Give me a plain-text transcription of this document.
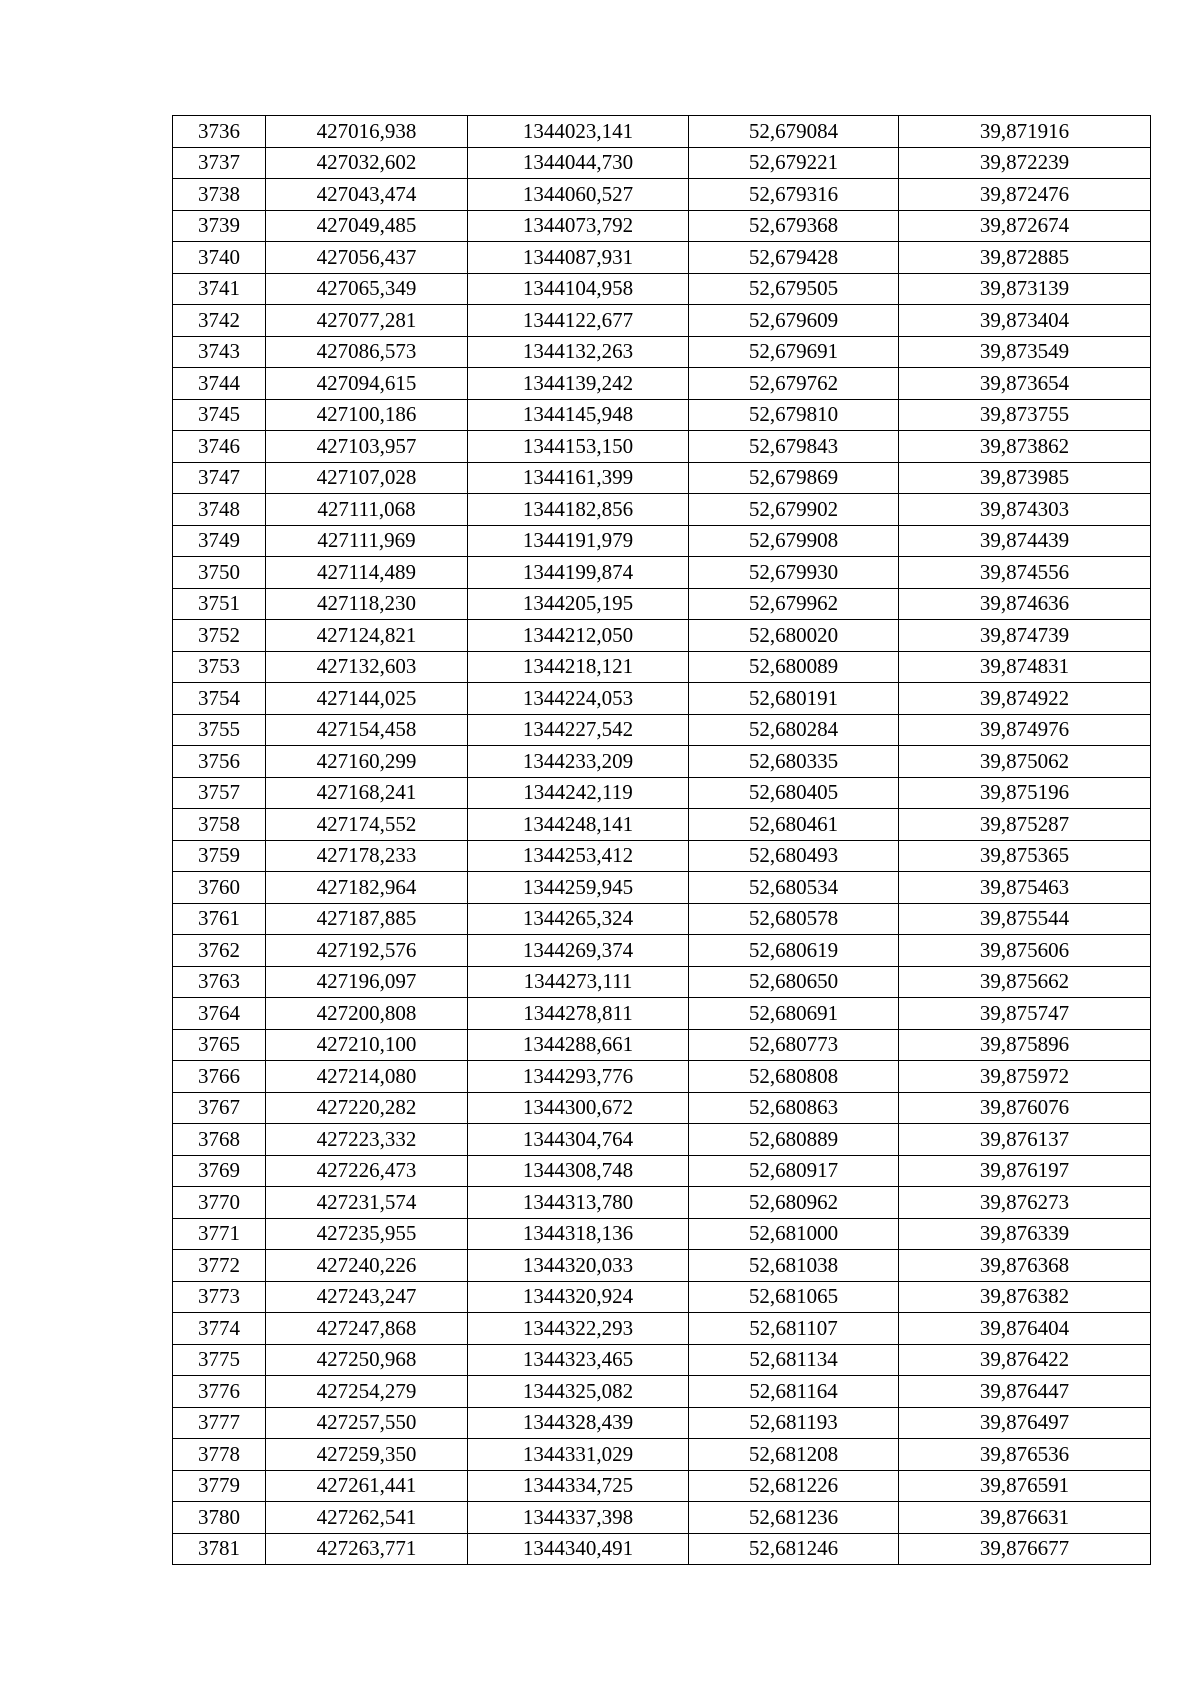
3736	427016,938	1344023,141	52,679084	39,871916
3737	427032,602	1344044,730	52,679221	39,872239
3738	427043,474	1344060,527	52,679316	39,872476
3739	427049,485	1344073,792	52,679368	39,872674
3740	427056,437	1344087,931	52,679428	39,872885
3741	427065,349	1344104,958	52,679505	39,873139
3742	427077,281	1344122,677	52,679609	39,873404
3743	427086,573	1344132,263	52,679691	39,873549
3744	427094,615	1344139,242	52,679762	39,873654
3745	427100,186	1344145,948	52,679810	39,873755
3746	427103,957	1344153,150	52,679843	39,873862
3747	427107,028	1344161,399	52,679869	39,873985
3748	427111,068	1344182,856	52,679902	39,874303
3749	427111,969	1344191,979	52,679908	39,874439
3750	427114,489	1344199,874	52,679930	39,874556
3751	427118,230	1344205,195	52,679962	39,874636
3752	427124,821	1344212,050	52,680020	39,874739
3753	427132,603	1344218,121	52,680089	39,874831
3754	427144,025	1344224,053	52,680191	39,874922
3755	427154,458	1344227,542	52,680284	39,874976
3756	427160,299	1344233,209	52,680335	39,875062
3757	427168,241	1344242,119	52,680405	39,875196
3758	427174,552	1344248,141	52,680461	39,875287
3759	427178,233	1344253,412	52,680493	39,875365
3760	427182,964	1344259,945	52,680534	39,875463
3761	427187,885	1344265,324	52,680578	39,875544
3762	427192,576	1344269,374	52,680619	39,875606
3763	427196,097	1344273,111	52,680650	39,875662
3764	427200,808	1344278,811	52,680691	39,875747
3765	427210,100	1344288,661	52,680773	39,875896
3766	427214,080	1344293,776	52,680808	39,875972
3767	427220,282	1344300,672	52,680863	39,876076
3768	427223,332	1344304,764	52,680889	39,876137
3769	427226,473	1344308,748	52,680917	39,876197
3770	427231,574	1344313,780	52,680962	39,876273
3771	427235,955	1344318,136	52,681000	39,876339
3772	427240,226	1344320,033	52,681038	39,876368
3773	427243,247	1344320,924	52,681065	39,876382
3774	427247,868	1344322,293	52,681107	39,876404
3775	427250,968	1344323,465	52,681134	39,876422
3776	427254,279	1344325,082	52,681164	39,876447
3777	427257,550	1344328,439	52,681193	39,876497
3778	427259,350	1344331,029	52,681208	39,876536
3779	427261,441	1344334,725	52,681226	39,876591
3780	427262,541	1344337,398	52,681236	39,876631
3781	427263,771	1344340,491	52,681246	39,876677
